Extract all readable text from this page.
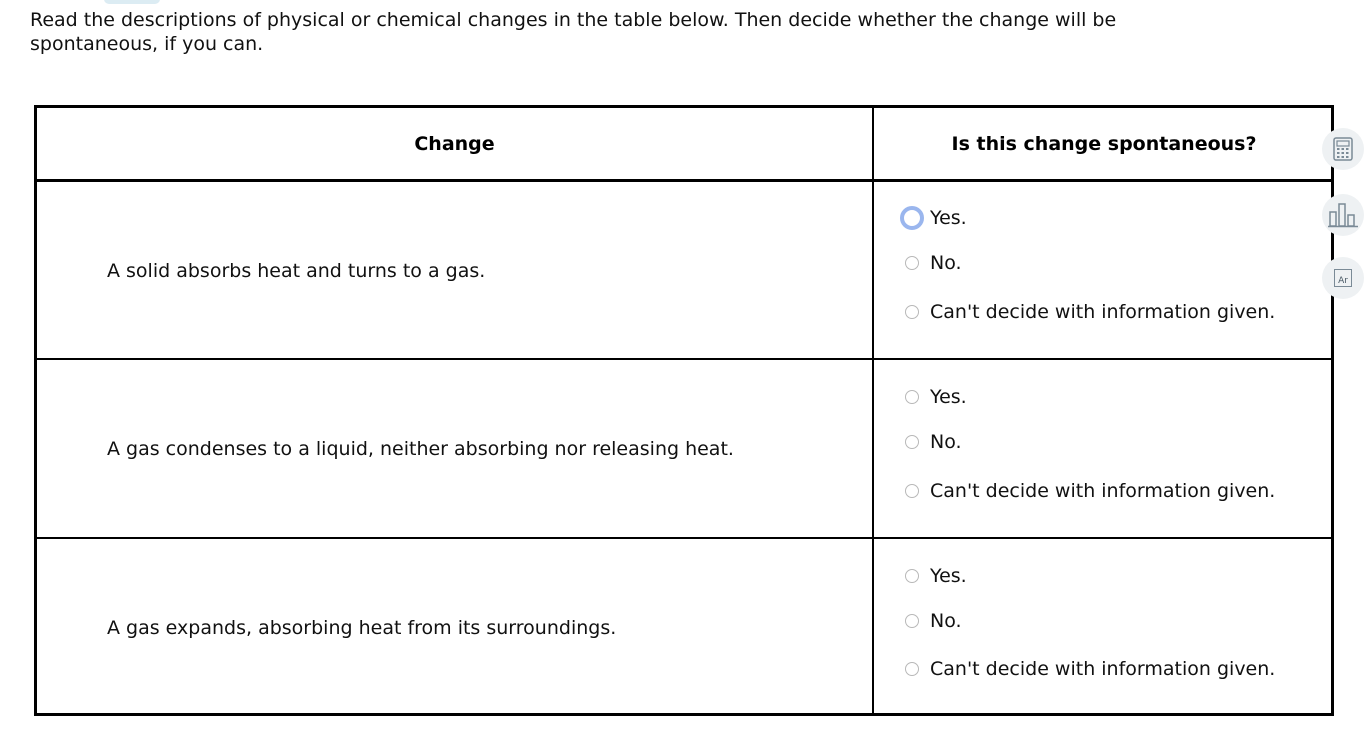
Read the descriptions of physical or chemical changes in the table below. Then decide whether the change will be spontaneous, if you can.
Change	Is this change spontaneous?
A solid absorbs heat and turns to a gas.
A gas condenses to a liquid, neither absorbing nor releasing heat.
A gas expands, absorbing heat from its surroundings.
Yes.
No.
Can't decide with information given.
Yes.
No.
Can't decide with information given.
Yes.
No.
Can't decide with information given.
Ar
